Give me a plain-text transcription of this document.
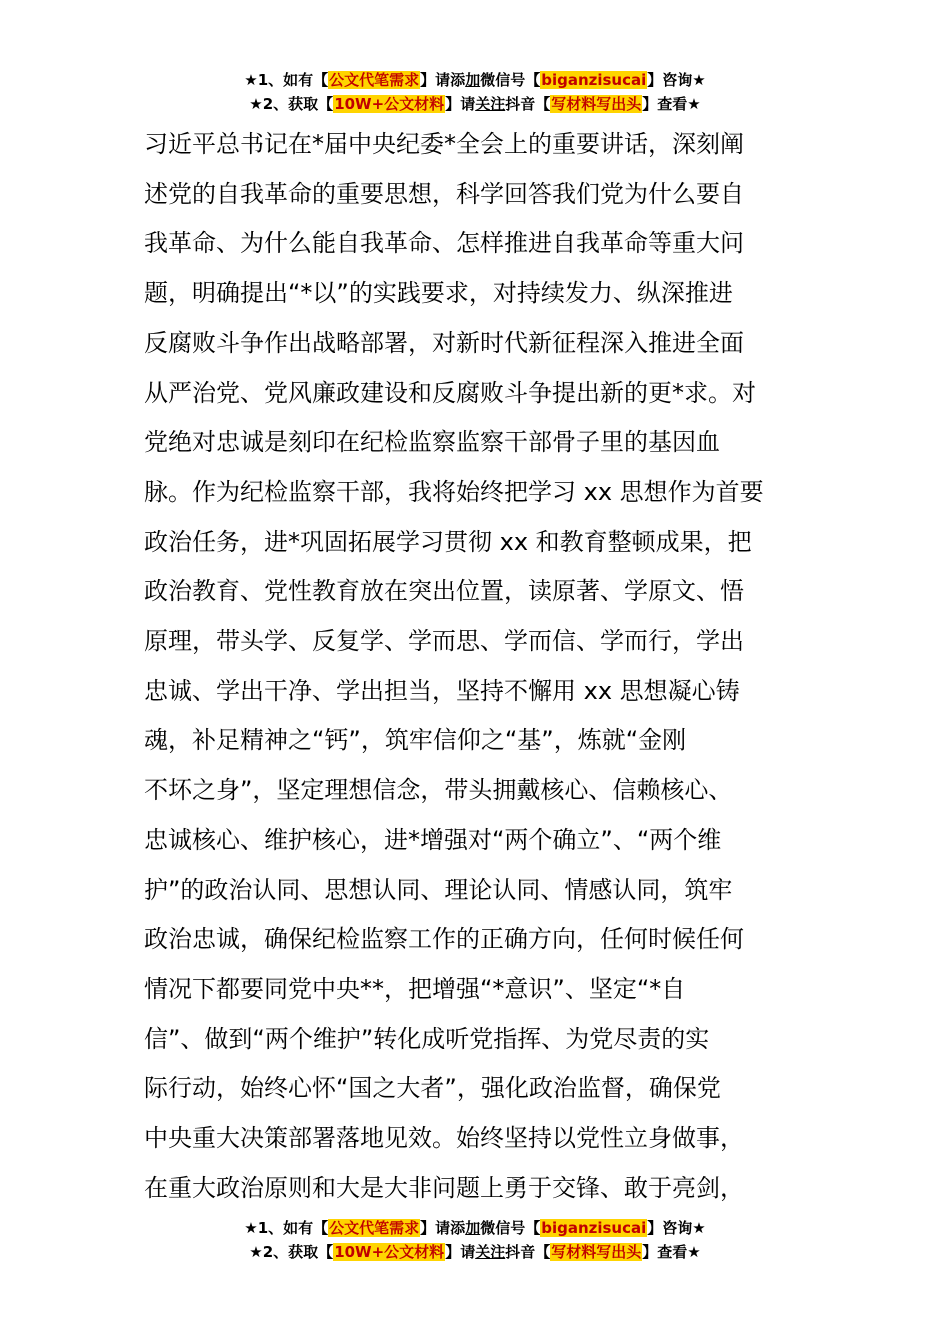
★1、如有【公文代笔需求】请添加微信号【biganzisucai】咨询★
★2、获取【10W+公文材料】请关注抖音【写材料写出头】查看★
习近平总书记在*届中央纪委*全会上的重要讲话，深刻阐
述党的自我革命的重要思想，科学回答我们党为什么要自
我革命、为什么能自我革命、怎样推进自我革命等重大问
题，明确提出“*以”的实践要求，对持续发力、纵深推进
反腐败斗争作出战略部署，对新时代新征程深入推进全面
从严治党、党风廉政建设和反腐败斗争提出新的更*求。对
党绝对忠诚是刻印在纪检监察监察干部骨子里的基因血
脉。作为纪检监察干部，我将始终把学习 xx 思想作为首要
政治任务，进*巩固拓展学习贯彻 xx 和教育整顿成果，把
政治教育、党性教育放在突出位置，读原著、学原文、悟
原理，带头学、反复学、学而思、学而信、学而行，学出
忠诚、学出干净、学出担当，坚持不懈用 xx 思想凝心铸
魂，补足精神之“钙”，筑牢信仰之“基”，炼就“金刚
不坏之身”，坚定理想信念，带头拥戴核心、信赖核心、
忠诚核心、维护核心，进*增强对“两个确立”、“两个维
护”的政治认同、思想认同、理论认同、情感认同，筑牢
政治忠诚，确保纪检监察工作的正确方向，任何时候任何
情况下都要同党中央**，把增强“*意识”、坚定“*自
信”、做到“两个维护”转化成听党指挥、为党尽责的实
际行动，始终心怀“国之大者”，强化政治监督，确保党
中央重大决策部署落地见效。始终坚持以党性立身做事，
在重大政治原则和大是大非问题上勇于交锋、敢于亮剑，
★1、如有【公文代笔需求】请添加微信号【biganzisucai】咨询★
★2、获取【10W+公文材料】请关注抖音【写材料写出头】查看★
